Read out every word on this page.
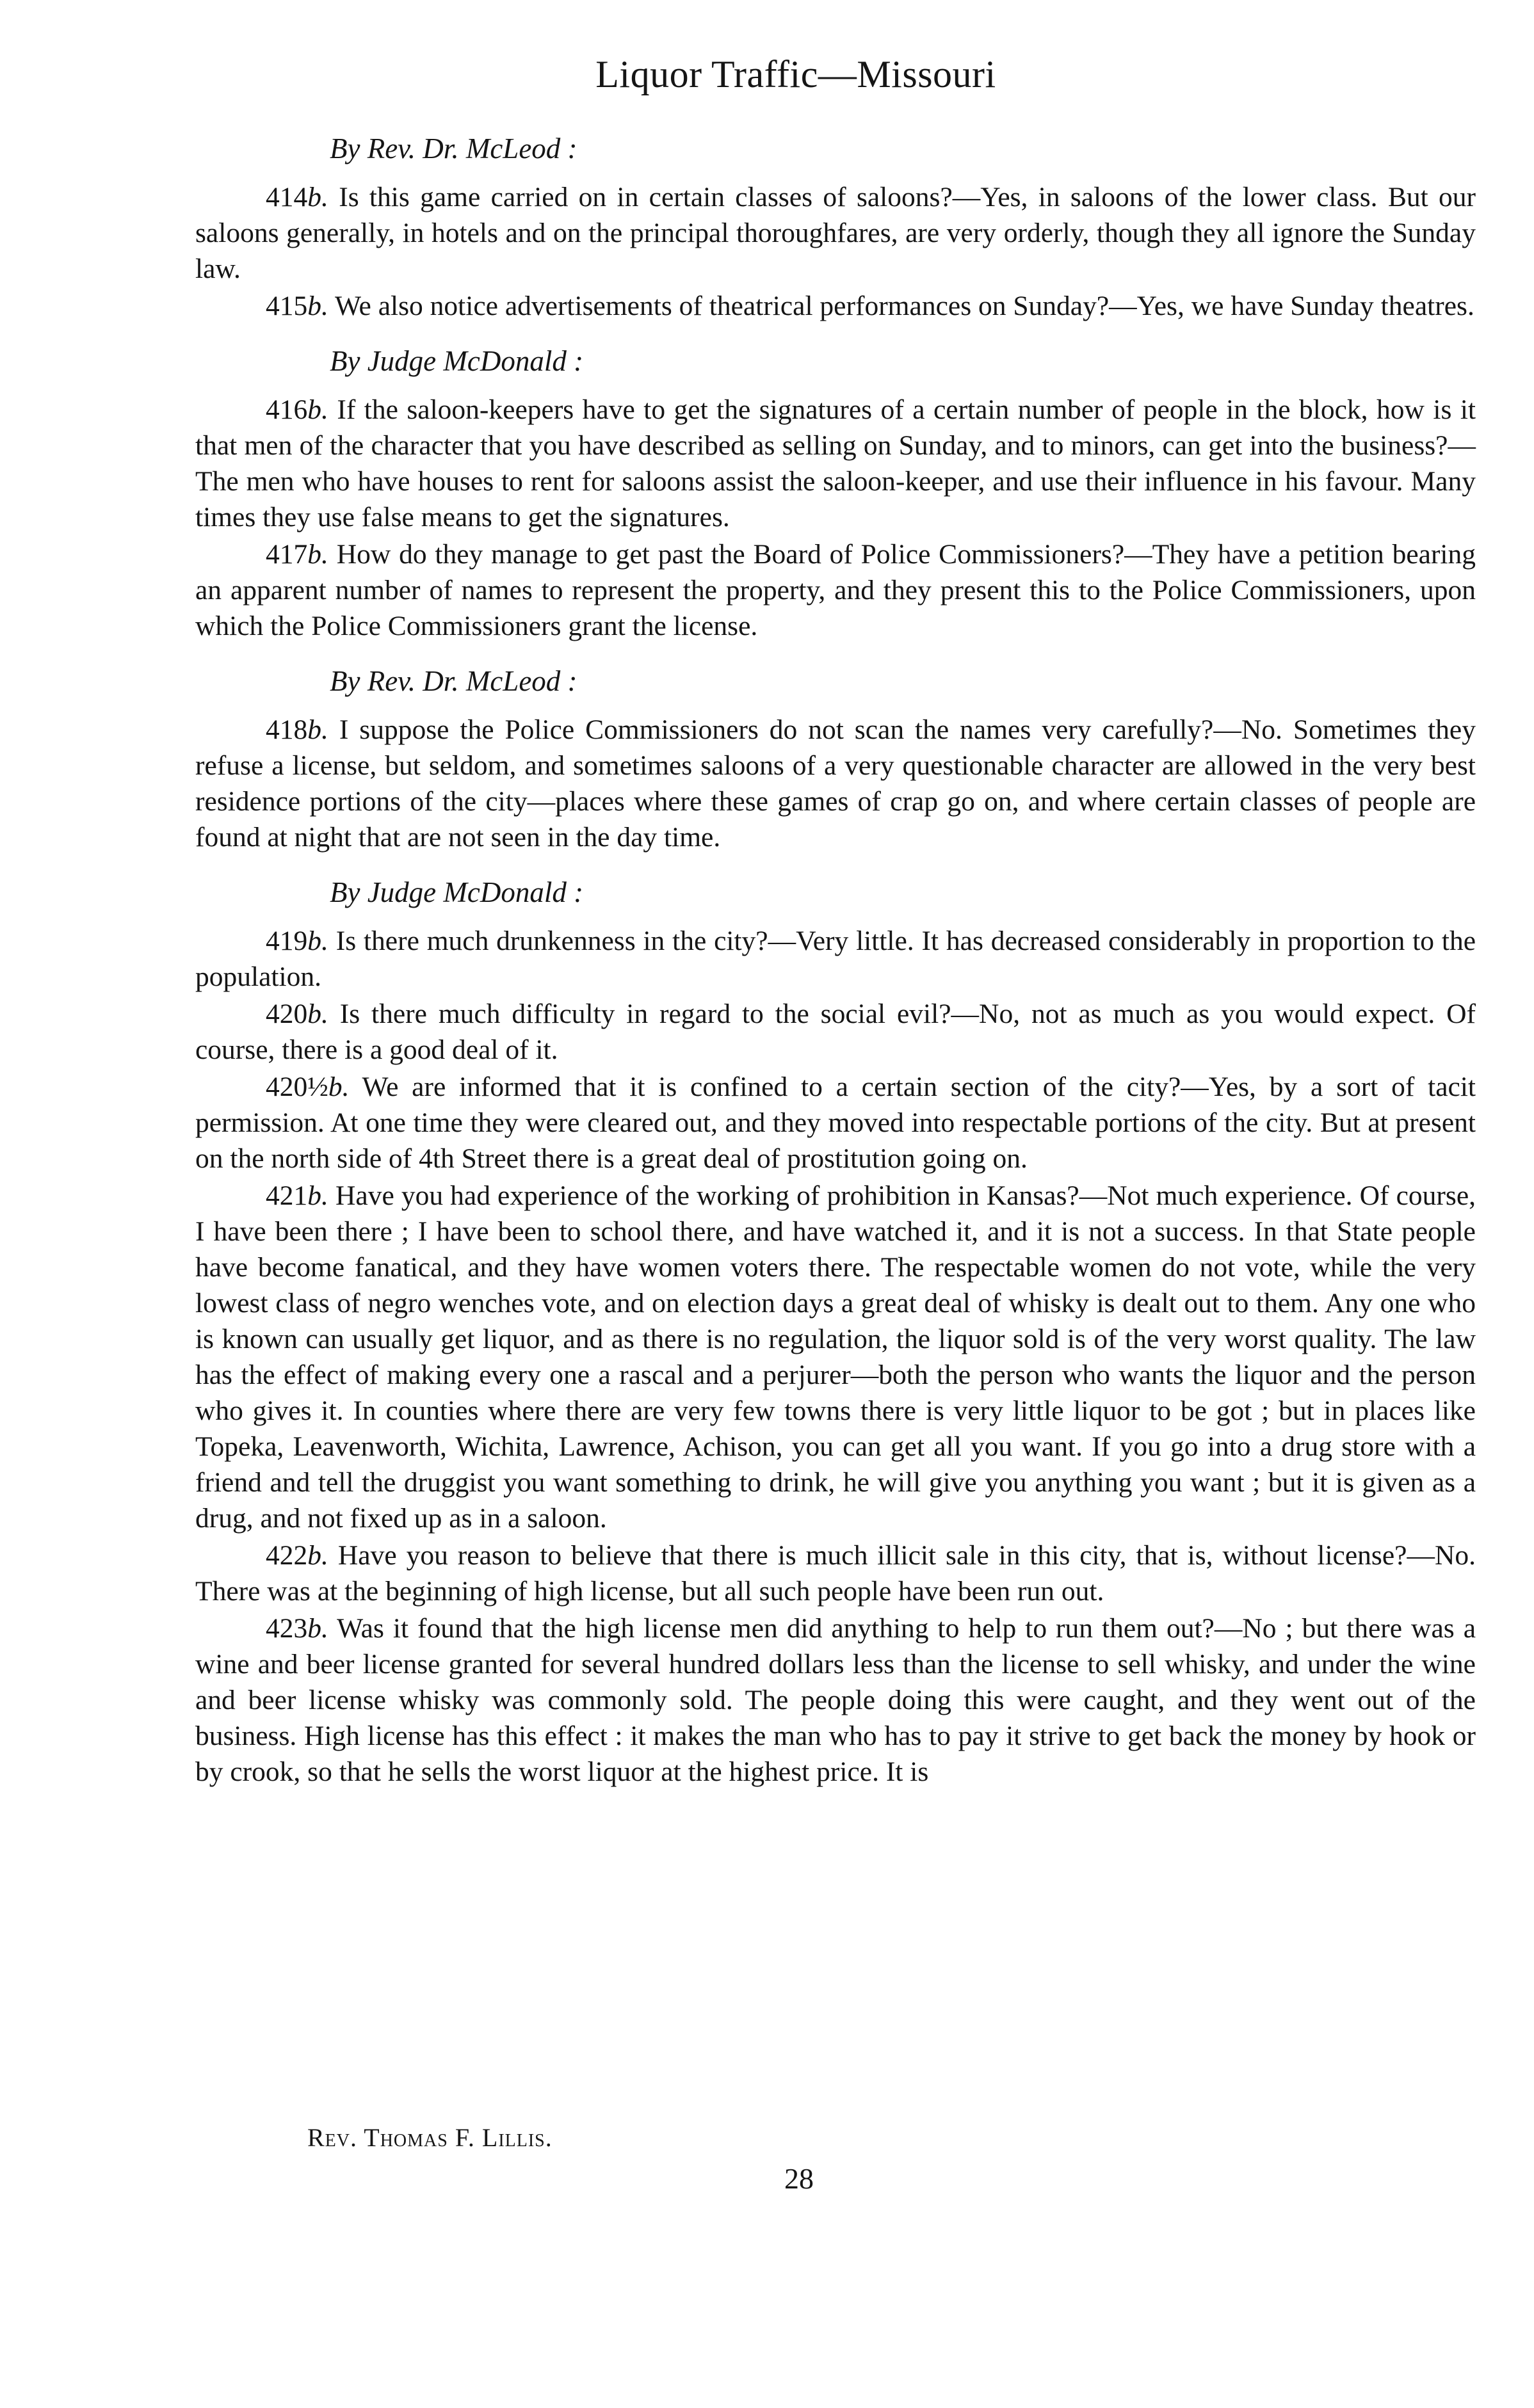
Liquor Traffic—Missouri
By Rev. Dr. McLeod :

414b. Is this game carried on in certain classes of saloons?—Yes, in saloons of the lower class. But our saloons generally, in hotels and on the principal thoroughfares, are very orderly, though they all ignore the Sunday law.

415b. We also notice advertisements of theatrical performances on Sunday?—Yes, we have Sunday theatres.

By Judge McDonald :

416b. If the saloon-keepers have to get the signatures of a certain number of people in the block, how is it that men of the character that you have described as selling on Sunday, and to minors, can get into the business?—The men who have houses to rent for saloons assist the saloon-keeper, and use their influence in his favour. Many times they use false means to get the signatures.

417b. How do they manage to get past the Board of Police Commissioners?—They have a petition bearing an apparent number of names to represent the property, and they present this to the Police Commissioners, upon which the Police Commissioners grant the license.

By Rev. Dr. McLeod :

418b. I suppose the Police Commissioners do not scan the names very carefully?—No. Sometimes they refuse a license, but seldom, and sometimes saloons of a very questionable character are allowed in the very best residence portions of the city—places where these games of crap go on, and where certain classes of people are found at night that are not seen in the day time.

By Judge McDonald :

419b. Is there much drunkenness in the city?—Very little. It has decreased considerably in proportion to the population.

420b. Is there much difficulty in regard to the social evil?—No, not as much as you would expect. Of course, there is a good deal of it.

420½b. We are informed that it is confined to a certain section of the city?—Yes, by a sort of tacit permission. At one time they were cleared out, and they moved into respectable portions of the city. But at present on the north side of 4th Street there is a great deal of prostitution going on.

421b. Have you had experience of the working of prohibition in Kansas?—Not much experience. Of course, I have been there ; I have been to school there, and have watched it, and it is not a success. In that State people have become fanatical, and they have women voters there. The respectable women do not vote, while the very lowest class of negro wenches vote, and on election days a great deal of whisky is dealt out to them. Any one who is known can usually get liquor, and as there is no regulation, the liquor sold is of the very worst quality. The law has the effect of making every one a rascal and a perjurer—both the person who wants the liquor and the person who gives it. In counties where there are very few towns there is very little liquor to be got ; but in places like Topeka, Leavenworth, Wichita, Lawrence, Achison, you can get all you want. If you go into a drug store with a friend and tell the druggist you want something to drink, he will give you anything you want ; but it is given as a drug, and not fixed up as in a saloon.

422b. Have you reason to believe that there is much illicit sale in this city, that is, without license?—No. There was at the beginning of high license, but all such people have been run out.

423b. Was it found that the high license men did anything to help to run them out?—No ; but there was a wine and beer license granted for several hundred dollars less than the license to sell whisky, and under the wine and beer license whisky was commonly sold. The people doing this were caught, and they went out of the business. High license has this effect : it makes the man who has to pay it strive to get back the money by hook or by crook, so that he sells the worst liquor at the highest price. It is

Rev. Thomas F. Lillis.
28
